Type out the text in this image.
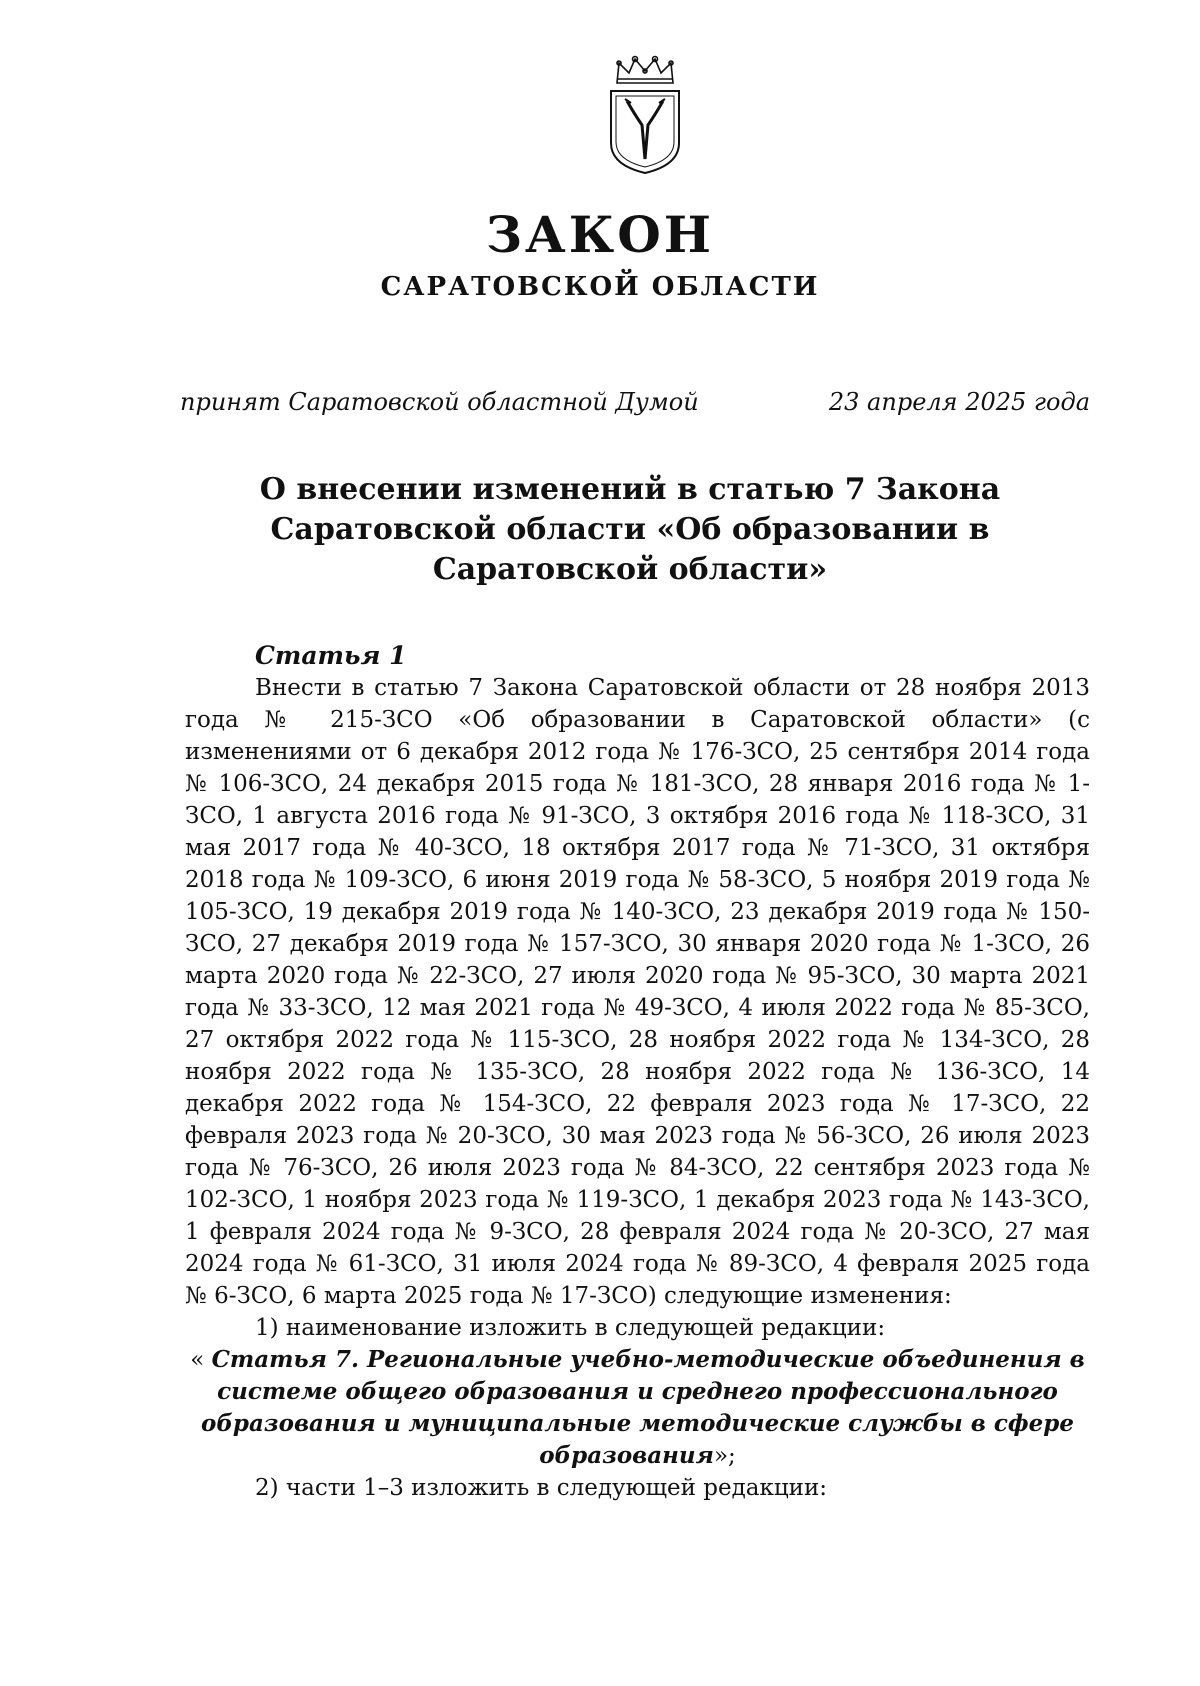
ЗАКОН
САРАТОВСКОЙ ОБЛАСТИ
принят Саратовской областной Думой	23 апреля 2025 года
О внесении изменений в статью 7 Закона Саратовской области «Об образовании в Саратовской области»
Статья 1

Внести в статью 7 Закона Саратовской области от 28 ноября 2013 года № 215-ЗСО «Об образовании в Саратовской области» (с изменениями от 6 декабря 2012 года № 176-ЗСО, 25 сентября 2014 года № 106-ЗСО, 24 декабря 2015 года № 181-ЗСО, 28 января 2016 года № 1-ЗСО, 1 августа 2016 года № 91-ЗСО, 3 октября 2016 года № 118-ЗСО, 31 мая 2017 года № 40-ЗСО, 18 октября 2017 года № 71-ЗСО, 31 октября 2018 года № 109-ЗСО, 6 июня 2019 года № 58-ЗСО, 5 ноября 2019 года № 105-ЗСО, 19 декабря 2019 года № 140-ЗСО, 23 декабря 2019 года № 150-ЗСО, 27 декабря 2019 года № 157-ЗСО, 30 января 2020 года № 1-ЗСО, 26 марта 2020 года № 22-ЗСО, 27 июля 2020 года № 95-ЗСО, 30 марта 2021 года № 33-ЗСО, 12 мая 2021 года № 49-ЗСО, 4 июля 2022 года № 85-ЗСО, 27 октября 2022 года № 115-ЗСО, 28 ноября 2022 года № 134-ЗСО, 28 ноября 2022 года № 135-ЗСО, 28 ноября 2022 года № 136-ЗСО, 14 декабря 2022 года № 154-ЗСО, 22 февраля 2023 года № 17-ЗСО, 22 февраля 2023 года № 20-ЗСО, 30 мая 2023 года № 56-ЗСО, 26 июля 2023 года № 76-ЗСО, 26 июля 2023 года № 84-ЗСО, 22 сентября 2023 года № 102-ЗСО, 1 ноября 2023 года № 119-ЗСО, 1 декабря 2023 года № 143-ЗСО, 1 февраля 2024 года № 9-ЗСО, 28 февраля 2024 года № 20-ЗСО, 27 мая 2024 года № 61-ЗСО, 31 июля 2024 года № 89-ЗСО, 4 февраля 2025 года № 6-ЗСО, 6 марта 2025 года № 17-ЗСО) следующие изменения:

1) наименование изложить в следующей редакции:

« Статья 7. Региональные учебно-методические объединения в системе общего образования и среднего профессионального образования и муниципальные методические службы в сфере образования»;

2) части 1–3 изложить в следующей редакции:
